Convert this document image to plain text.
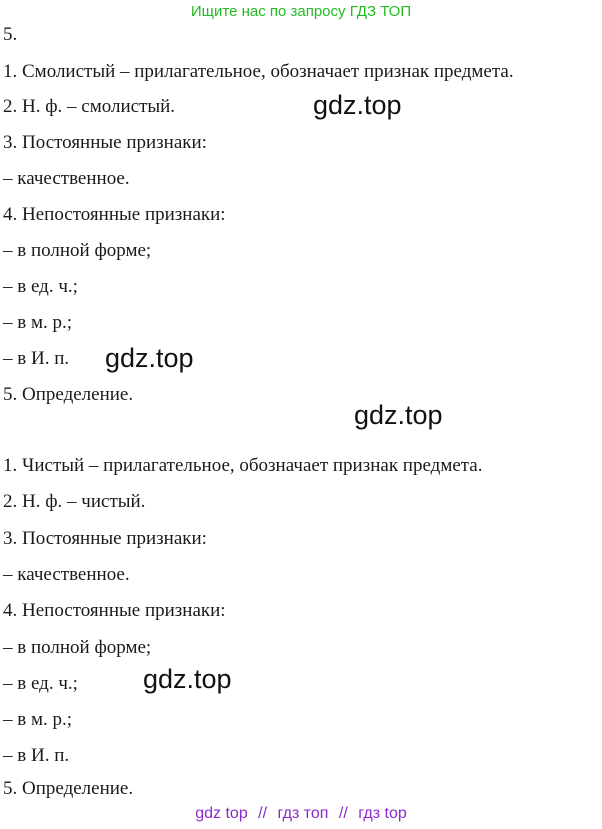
Ищите нас по запросу ГДЗ ТОП
5.
1. Смолистый – прилагательное, обозначает признак предмета.
2. Н. ф. – смолистый.
3. Постоянные признаки:
– качественное.
4. Непостоянные признаки:
– в полной форме;
– в ед. ч.;
– в м. р.;
– в И. п.
5. Определение.
1. Чистый – прилагательное, обозначает признак предмета.
2. Н. ф. – чистый.
3. Постоянные признаки:
– качественное.
4. Непостоянные признаки:
– в полной форме;
– в ед. ч.;
– в м. р.;
– в И. п.
5. Определение.
gdz.top
gdz.top
gdz.top
gdz.top
gdz top // гдз топ // гдз top
